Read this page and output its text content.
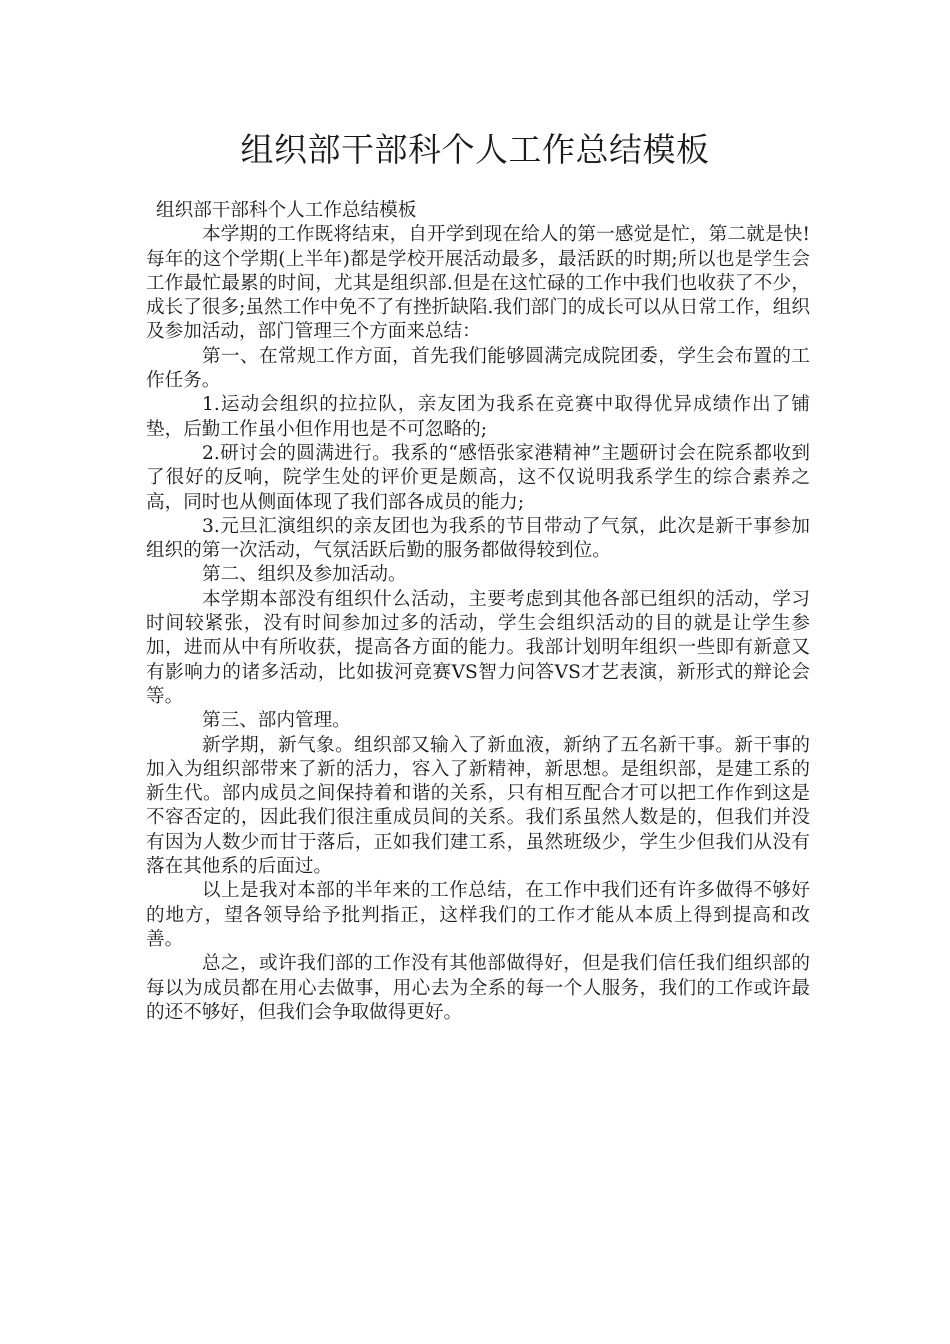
组织部干部科个人工作总结模板

组织部干部科个人工作总结模板

本学期的工作既将结束，自开学到现在给人的第一感觉是忙，第二就是快!每年的这个学期(上半年)都是学校开展活动最多，最活跃的时期;所以也是学生会工作最忙最累的时间，尤其是组织部.但是在这忙碌的工作中我们也收获了不少，成长了很多;虽然工作中免不了有挫折缺陷.我们部门的成长可以从日常工作，组织及参加活动，部门管理三个方面来总结：

第一、在常规工作方面，首先我们能够圆满完成院团委，学生会布置的工作任务。

1.运动会组织的拉拉队，亲友团为我系在竞赛中取得优异成绩作出了铺垫，后勤工作虽小但作用也是不可忽略的;

2.研讨会的圆满进行。我系的“感悟张家港精神”主题研讨会在院系都收到了很好的反响，院学生处的评价更是颇高，这不仅说明我系学生的综合素养之高，同时也从侧面体现了我们部各成员的能力;

3.元旦汇演组织的亲友团也为我系的节目带动了气氛，此次是新干事参加组织的第一次活动，气氛活跃后勤的服务都做得较到位。

第二、组织及参加活动。

本学期本部没有组织什么活动，主要考虑到其他各部已组织的活动，学习时间较紧张，没有时间参加过多的活动，学生会组织活动的目的就是让学生参加，进而从中有所收获，提高各方面的能力。我部计划明年组织一些即有新意又有影响力的诸多活动，比如拔河竞赛VS智力问答VS才艺表演，新形式的辩论会等。

第三、部内管理。

新学期，新气象。组织部又输入了新血液，新纳了五名新干事。新干事的加入为组织部带来了新的活力，容入了新精神，新思想。是组织部，是建工系的新生代。部内成员之间保持着和谐的关系，只有相互配合才可以把工作作到这是不容否定的，因此我们很注重成员间的关系。我们系虽然人数是的，但我们并没有因为人数少而甘于落后，正如我们建工系，虽然班级少，学生少但我们从没有落在其他系的后面过。

以上是我对本部的半年来的工作总结，在工作中我们还有许多做得不够好的地方，望各领导给予批判指正，这样我们的工作才能从本质上得到提高和改善。

总之，或许我们部的工作没有其他部做得好，但是我们信任我们组织部的每以为成员都在用心去做事，用心去为全系的每一个人服务，我们的工作或许最的还不够好，但我们会争取做得更好。
